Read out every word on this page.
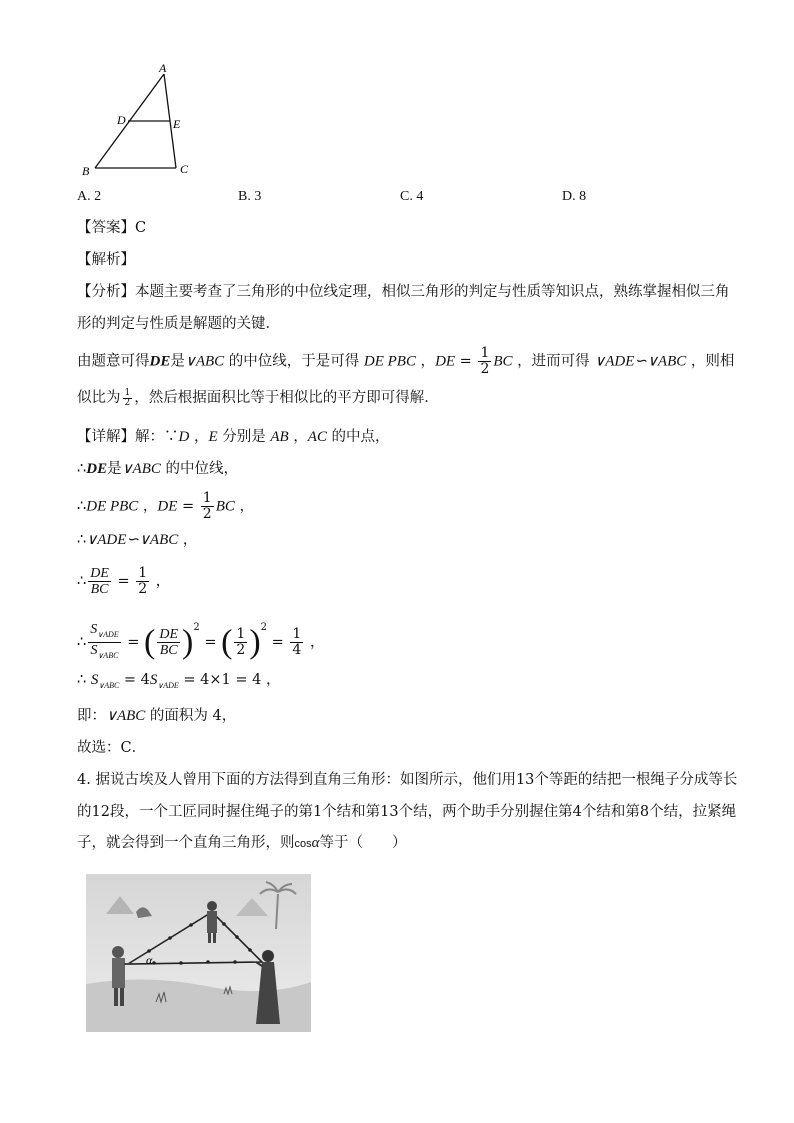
A
D	E
B	C
A. 2	B. 3	C. 4	D. 8
【答案】C
【解析】
【分析】本题主要考查了三角形的中位线定理，相似三角形的判定与性质等知识点，熟练掌握相似三角
形的判定与性质是解题的关键．
由题意可得DE是∨ABC 的中位线，于是可得 DE PBC ，DE = $\frac{1}{2}$ BC ，进而可得 ∨ADE∽∨ABC ，则相
似比为 $\frac{1}{2}$ ，然后根据面积比等于相似比的平方即可得解．
【详解】解：∵D ，E 分别是 AB ，AC 的中点，
∴DE是∨ABC 的中位线，
∴DE PBC ，DE = $\frac{1}{2}$ BC ，
∴∨ADE∽∨ABC ，
∴ $\frac{DE}{BC} = \frac{1}{2}$ ，
∴ $\frac{S_{\vee ADE}}{S_{\vee ABC}}$ = ( $\frac{DE}{BC} )^2$ = ( $\frac{1}{2} )^2 = \frac{1}{4}$ ，
∴ $S_{\vee ABC} = 4S_{\vee ADE} = 4\times 1 = 4$ ，
即：∨ABC 的面积为 4，
故选：C．
4. 据说古埃及人曾用下面的方法得到直角三角形：如图所示，他们用13个等距的结把一根绳子分成等长
的12段，一个工匠同时握住绳子的第1个结和第13个结，两个助手分别握住第4个结和第8个结，拉紧绳
子，就会得到一个直角三角形，则cosα等于（　　）
α
